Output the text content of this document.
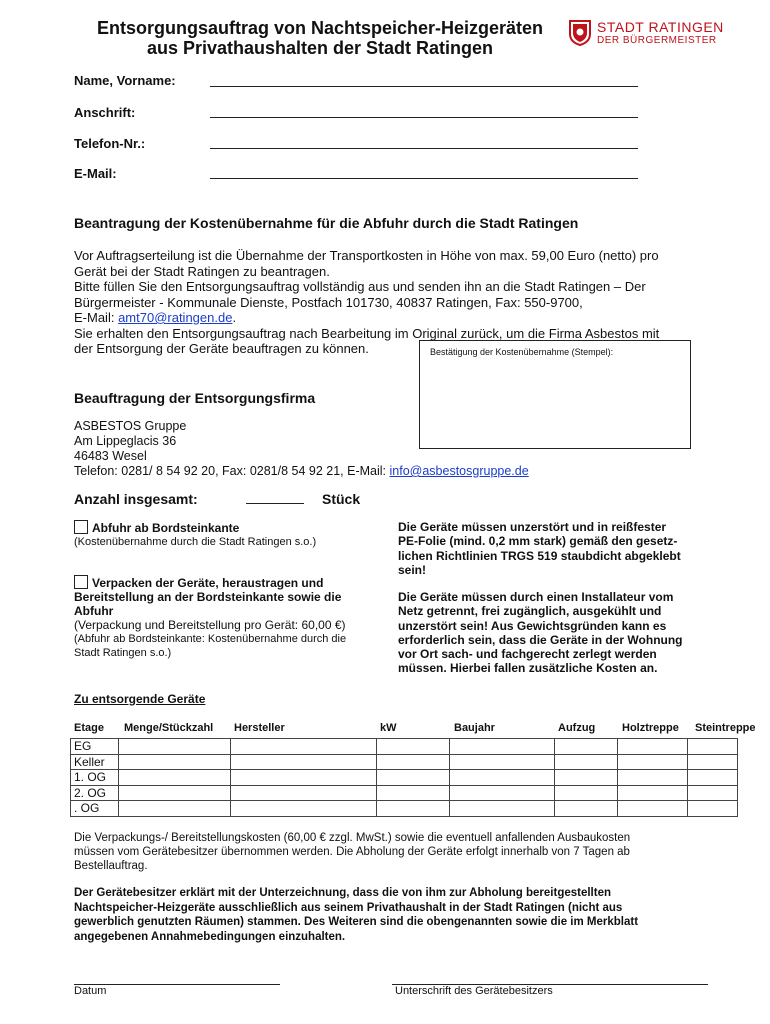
Entsorgungsauftrag von Nachtspeicher-Heizgeräten
aus Privathaushalten der Stadt Ratingen
STADT RATINGEN
DER BÜRGERMEISTER
Name, Vorname:
Anschrift:
Telefon-Nr.:
E-Mail:
Beantragung der Kostenübernahme für die Abfuhr durch die Stadt Ratingen
Vor Auftragserteilung ist die Übernahme der Transportkosten in Höhe von max. 59,00 Euro (netto) pro
Gerät bei der Stadt Ratingen zu beantragen.
Bitte füllen Sie den Entsorgungsauftrag vollständig aus und senden ihn an die Stadt Ratingen – Der
Bürgermeister - Kommunale Dienste, Postfach 101730, 40837 Ratingen, Fax: 550-9700,
E-Mail: amt70@ratingen.de.
Sie erhalten den Entsorgungsauftrag nach Bearbeitung im Original zurück, um die Firma Asbestos mit
der Entsorgung der Geräte beauftragen zu können.	Bestätigung der Kostenübernahme (Stempel):
Beauftragung der Entsorgungsfirma
ASBESTOS Gruppe
Am Lippeglacis 36
46483 Wesel
Telefon: 0281/ 8 54 92 20, Fax: 0281/8 54 92 21, E-Mail: info@asbestosgruppe.de
Anzahl insgesamt:	Stück
Abfuhr ab Bordsteinkante
(Kostenübernahme durch die Stadt Ratingen s.o.)
Verpacken der Geräte, heraustragen und
Bereitstellung an der Bordsteinkante sowie die
Abfuhr
(Verpackung und Bereitstellung pro Gerät: 60,00 €)
(Abfuhr ab Bordsteinkante: Kostenübernahme durch die
Stadt Ratingen s.o.)
Die Geräte müssen unzerstört und in reißfester
PE-Folie (mind. 0,2 mm stark) gemäß den gesetz-
lichen Richtlinien TRGS 519 staubdicht abgeklebt
sein!
Die Geräte müssen durch einen Installateur vom
Netz getrennt, frei zugänglich, ausgekühlt und
unzerstört sein! Aus Gewichtsgründen kann es
erforderlich sein, dass die Geräte in der Wohnung
vor Ort sach- und fachgerecht zerlegt werden
müssen. Hierbei fallen zusätzliche Kosten an.
Zu entsorgende Geräte
Etage Menge/Stückzahl Hersteller	kW	Baujahr	Aufzug Holztreppe Steintreppe
EG							
Keller							
1. OG							
2. OG							
. OG							
Die Verpackungs-/ Bereitstellungskosten (60,00 € zzgl. MwSt.) sowie die eventuell anfallenden Ausbaukosten
müssen vom Gerätebesitzer übernommen werden. Die Abholung der Geräte erfolgt innerhalb von 7 Tagen ab
Bestellauftrag.
Der Gerätebesitzer erklärt mit der Unterzeichnung, dass die von ihm zur Abholung bereitgestellten
Nachtspeicher-Heizgeräte ausschließlich aus seinem Privathaushalt in der Stadt Ratingen (nicht aus
gewerblich genutzten Räumen) stammen. Des Weiteren sind die obengenannten sowie die im Merkblatt
angegebenen Annahmebedingungen einzuhalten.
Datum	Unterschrift des Gerätebesitzers
